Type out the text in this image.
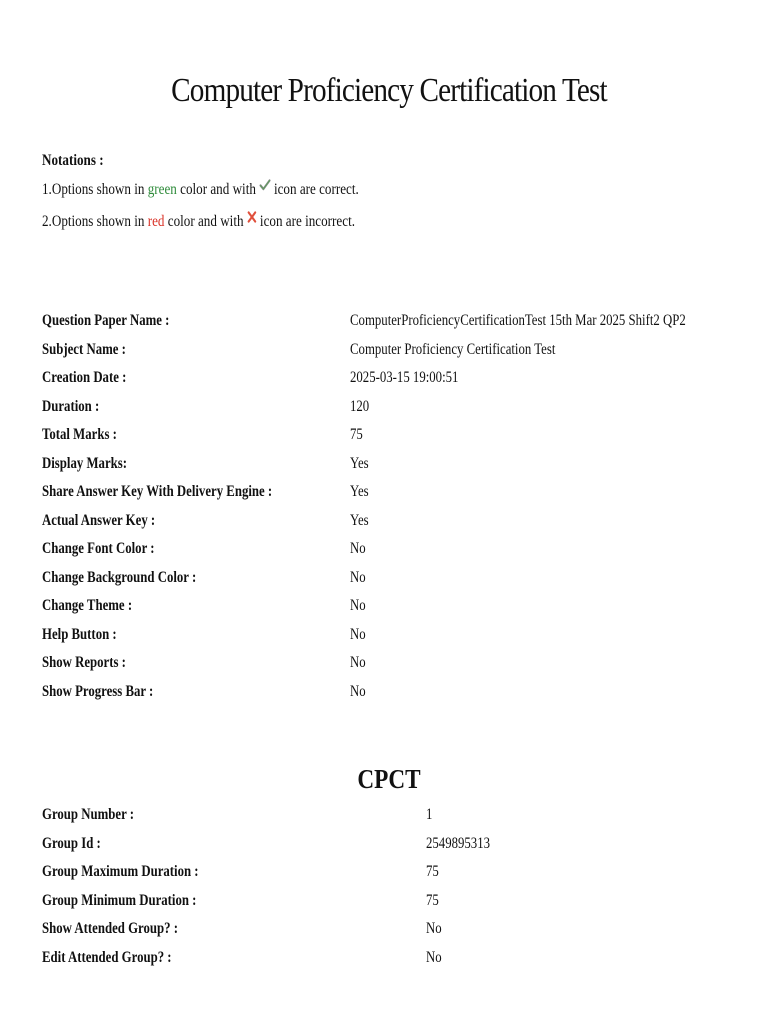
Computer Proficiency Certification Test
Notations :
1.Options shown in green color and with  icon are correct.
2.Options shown in red color and with  icon are incorrect.
Question Paper Name :	ComputerProficiencyCertificationTest 15th Mar 2025 Shift2 QP2
Subject Name :	Computer Proficiency Certification Test
Creation Date :	2025-03-15 19:00:51
Duration :	120
Total Marks :	75
Display Marks:	Yes
Share Answer Key With Delivery Engine :	Yes
Actual Answer Key :	Yes
Change Font Color :	No
Change Background Color :	No
Change Theme :	No
Help Button :	No
Show Reports :	No
Show Progress Bar :	No
CPCT
Group Number :	1
Group Id :	2549895313
Group Maximum Duration :	75
Group Minimum Duration :	75
Show Attended Group? :	No
Edit Attended Group? :	No
